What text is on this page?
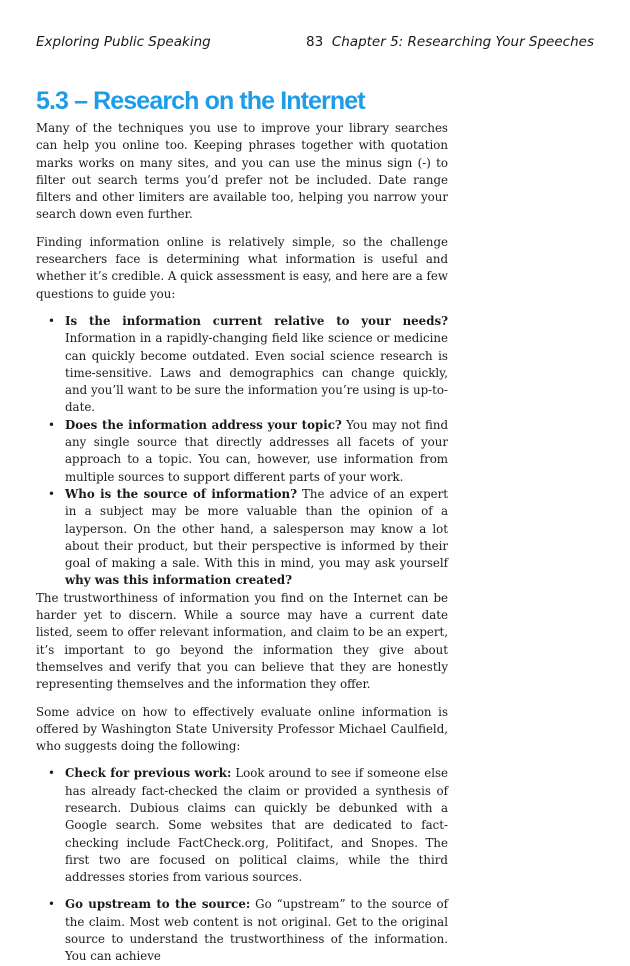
Exploring Public Speaking	83 Chapter 5: Researching Your Speeches
5.3 – Research on the Internet

Many of the techniques you use to improve your library searches can help you online too. Keeping phrases together with quotation marks works on many sites, and you can use the minus sign (-) to filter out search terms you’d prefer not be included. Date range filters and other limiters are available too, helping you narrow your search down even further.

Finding information online is relatively simple, so the challenge researchers face is determining what information is useful and whether it’s credible. A quick assessment is easy, and here are a few questions to guide you:

• Is the information current relative to your needs? Information in a rapidly-changing field like science or medicine can quickly become outdated. Even social science research is time-sensitive. Laws and demographics can change quickly, and you’ll want to be sure the information you’re using is up-to-date.
• Does the information address your topic? You may not find any single source that directly addresses all facets of your approach to a topic. You can, however, use information from multiple sources to support different parts of your work.
• Who is the source of information? The advice of an expert in a subject may be more valuable than the opinion of a layperson. On the other hand, a salesperson may know a lot about their product, but their perspective is informed by their goal of making a sale. With this in mind, you may ask yourself why was this information created?

The trustworthiness of information you find on the Internet can be harder yet to discern. While a source may have a current date listed, seem to offer relevant information, and claim to be an expert, it’s important to go beyond the information they give about themselves and verify that you can believe that they are honestly representing themselves and the information they offer.

Some advice on how to effectively evaluate online information is offered by Washington State University Professor Michael Caulfield, who suggests doing the following:

• Check for previous work: Look around to see if someone else has already fact-checked the claim or provided a synthesis of research. Dubious claims can quickly be debunked with a Google search. Some websites that are dedicated to fact-checking include FactCheck.org, Politifact, and Snopes. The first two are focused on political claims, while the third addresses stories from various sources.
• Go upstream to the source: Go “upstream” to the source of the claim. Most web content is not original. Get to the original source to understand the trustworthiness of the information. You can achieve
